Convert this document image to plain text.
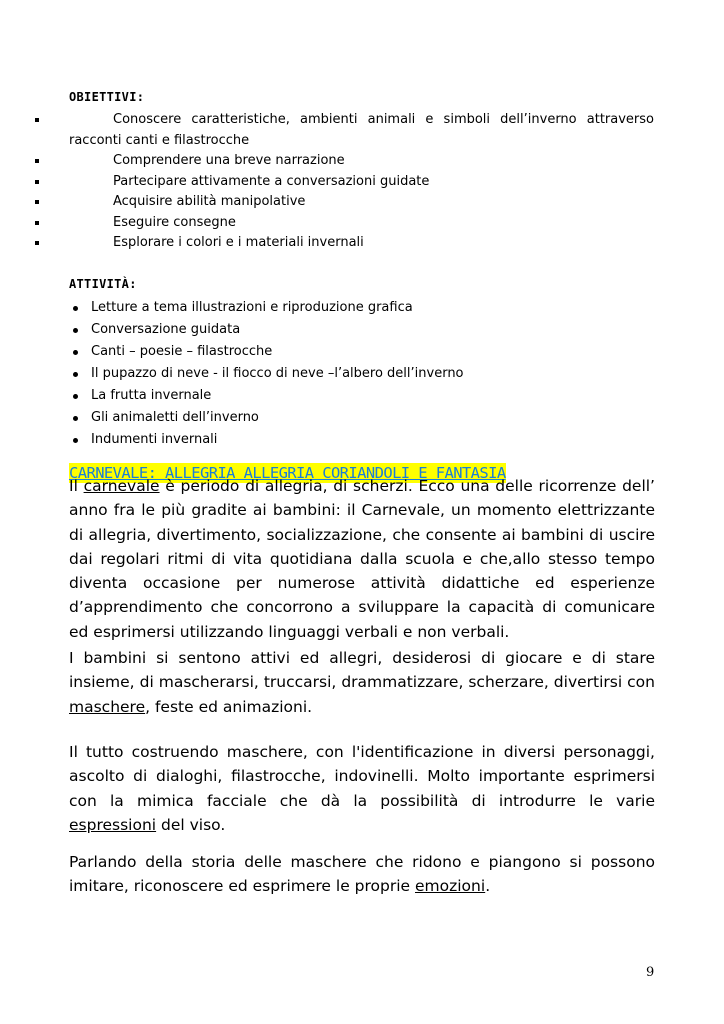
OBIETTIVI:
Conoscere caratteristiche, ambienti animali e simboli dell’inverno attraverso
racconti canti e filastrocche
Comprendere una breve narrazione
Partecipare attivamente a conversazioni guidate
Acquisire abilità manipolative
Eseguire consegne
Esplorare i colori e i materiali invernali
ATTIVITÀ:
Letture a tema illustrazioni e riproduzione grafica
Conversazione guidata
Canti – poesie – filastrocche
Il pupazzo di neve - il fiocco di neve –l’albero dell’inverno
La frutta invernale
Gli animaletti dell’inverno
Indumenti invernali
CARNEVALE: ALLEGRIA ALLEGRIA CORIANDOLI E FANTASIA

Il carnevale è periodo di allegria, di scherzi. Ecco una delle ricorrenze dell’ anno fra le più gradite ai bambini: il Carnevale, un momento elettrizzante di allegria, divertimento, socializzazione, che consente ai bambini di uscire dai regolari ritmi di vita quotidiana dalla scuola e che,allo stesso tempo diventa occasione per numerose attività didattiche ed esperienze d’apprendimento che concorrono a sviluppare la capacità di comunicare ed esprimersi utilizzando linguaggi verbali e non verbali.

I bambini si sentono attivi ed allegri, desiderosi di giocare e di stare insieme, di mascherarsi, truccarsi, drammatizzare, scherzare, divertirsi con maschere, feste ed animazioni.

Il tutto costruendo maschere, con l'identificazione in diversi personaggi, ascolto di dialoghi, filastrocche, indovinelli. Molto importante esprimersi con la mimica facciale che dà la possibilità di introdurre le varie espressioni del viso.

Parlando della storia delle maschere che ridono e piangono si possono imitare, riconoscere ed esprimere le proprie emozioni.

9
